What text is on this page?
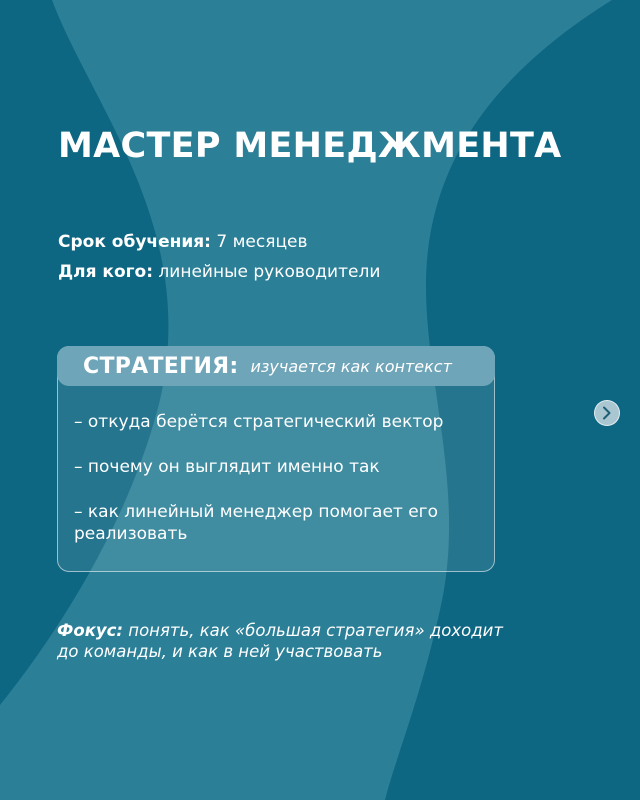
МАСТЕР МЕНЕДЖМЕНТА
Срок обучения: 7 месяцев
Для кого: линейные руководители
СТРАТЕГИЯ: изучается как контекст
– откуда берётся стратегический вектор
– почему он выглядит именно так
– как линейный менеджер помогает его реализовать
Фокус: понять, как «большая стратегия» доходит до команды, и как в ней участвовать
